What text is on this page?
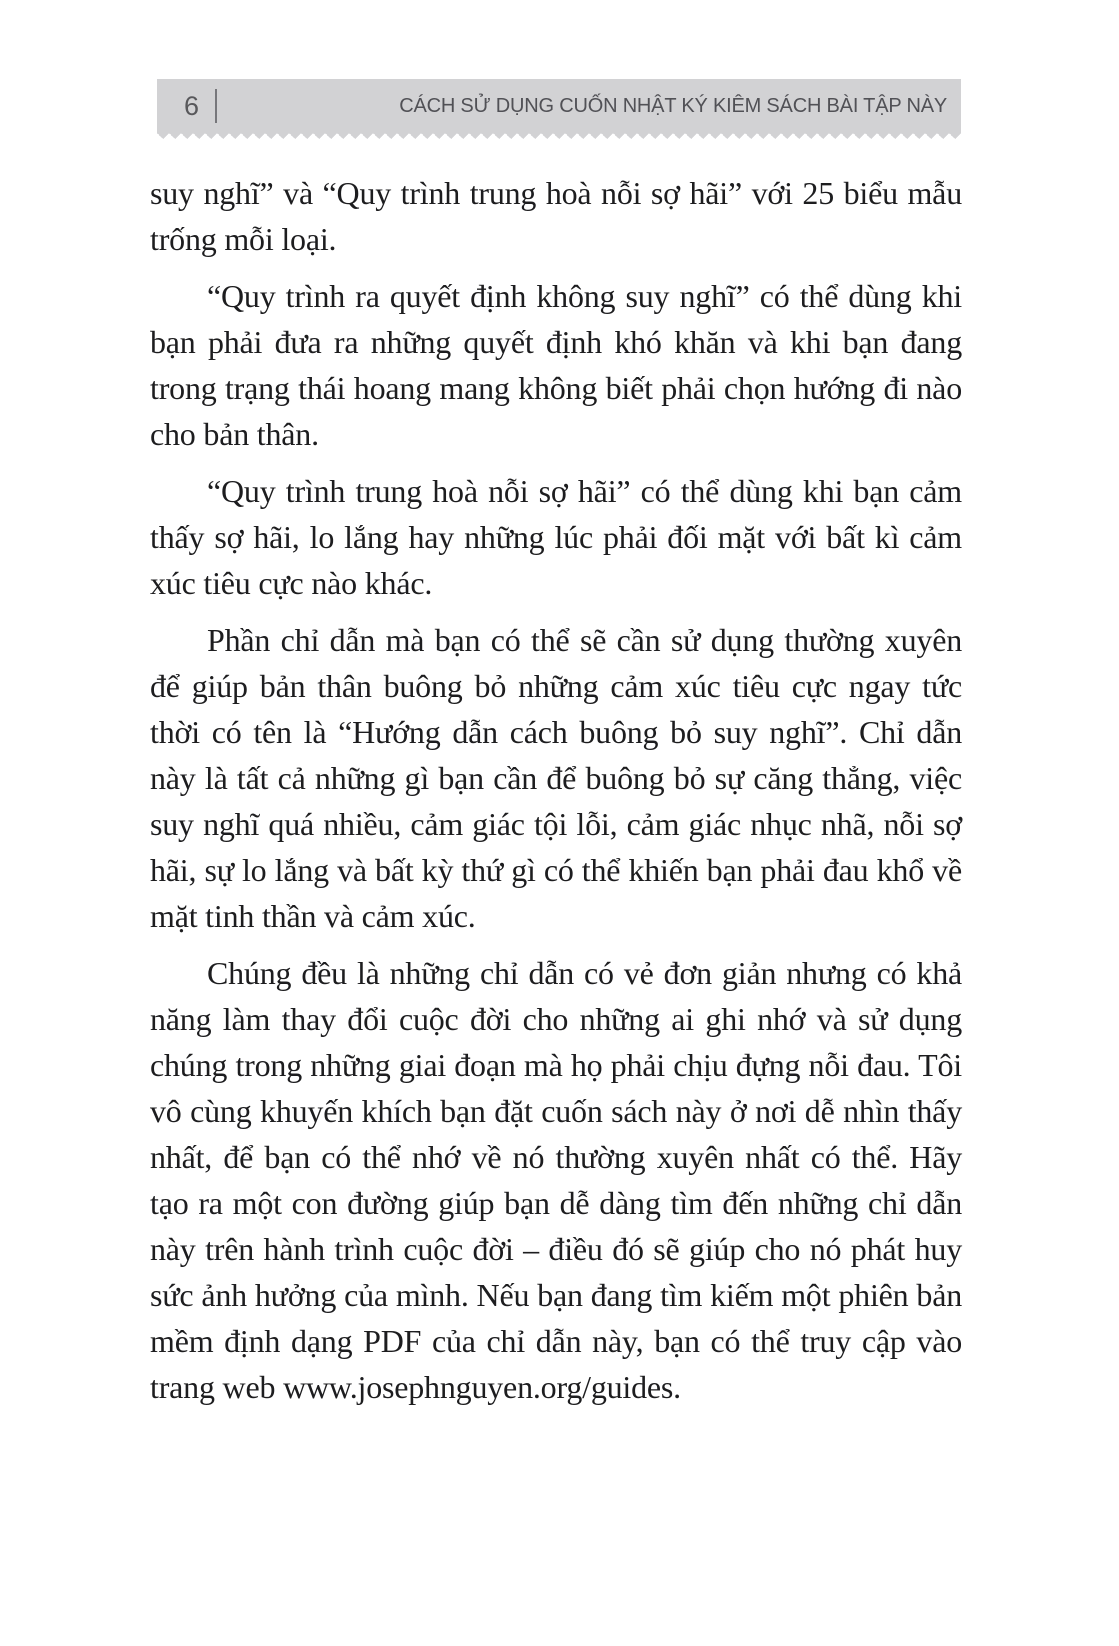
6	CÁCH SỬ DỤNG CUỐN NHẬT KÝ KIÊM SÁCH BÀI TẬP NÀY

suy nghĩ” và “Quy trình trung hoà nỗi sợ hãi” với 25 biểu mẫu trống mỗi loại.

“Quy trình ra quyết định không suy nghĩ” có thể dùng khi bạn phải đưa ra những quyết định khó khăn và khi bạn đang trong trạng thái hoang mang không biết phải chọn hướng đi nào cho bản thân.

“Quy trình trung hoà nỗi sợ hãi” có thể dùng khi bạn cảm thấy sợ hãi, lo lắng hay những lúc phải đối mặt với bất kì cảm xúc tiêu cực nào khác.

Phần chỉ dẫn mà bạn có thể sẽ cần sử dụng thường xuyên để giúp bản thân buông bỏ những cảm xúc tiêu cực ngay tức thời có tên là “Hướng dẫn cách buông bỏ suy nghĩ”. Chỉ dẫn này là tất cả những gì bạn cần để buông bỏ sự căng thẳng, việc suy nghĩ quá nhiều, cảm giác tội lỗi, cảm giác nhục nhã, nỗi sợ hãi, sự lo lắng và bất kỳ thứ gì có thể khiến bạn phải đau khổ về mặt tinh thần và cảm xúc.

Chúng đều là những chỉ dẫn có vẻ đơn giản nhưng có khả năng làm thay đổi cuộc đời cho những ai ghi nhớ và sử dụng chúng trong những giai đoạn mà họ phải chịu đựng nỗi đau. Tôi vô cùng khuyến khích bạn đặt cuốn sách này ở nơi dễ nhìn thấy nhất, để bạn có thể nhớ về nó thường xuyên nhất có thể. Hãy tạo ra một con đường giúp bạn dễ dàng tìm đến những chỉ dẫn này trên hành trình cuộc đời – điều đó sẽ giúp cho nó phát huy sức ảnh hưởng của mình. Nếu bạn đang tìm kiếm một phiên bản mềm định dạng PDF của chỉ dẫn này, bạn có thể truy cập vào trang web www.josephnguyen.org/guides.
